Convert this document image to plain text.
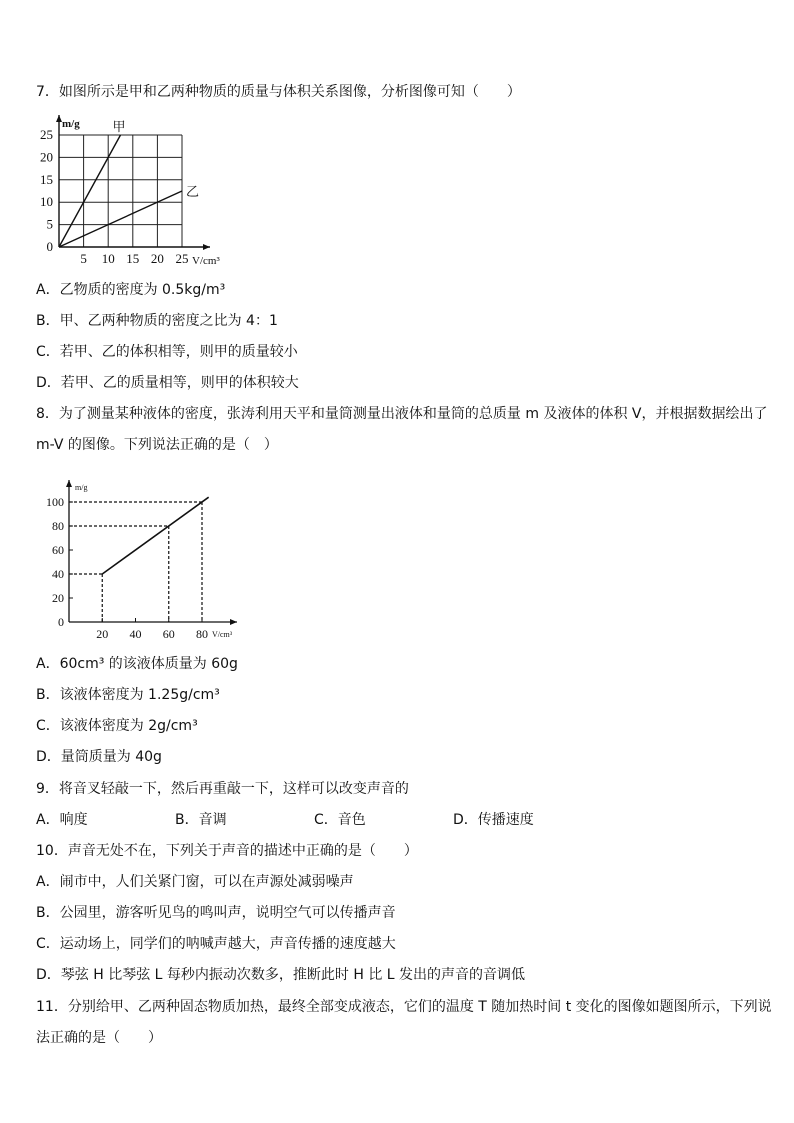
7．如图所示是甲和乙两种物质的质量与体积关系图像，分析图像可知（　　）
0
5
10
15
20
25
5 10 15 20 25
m/g
V/cm³
甲
乙
A．乙物质的密度为 0.5kg/m³
B．甲、乙两种物质的密度之比为 4：1
C．若甲、乙的体积相等，则甲的质量较小
D．若甲、乙的质量相等，则甲的体积较大
8．为了测量某种液体的密度，张涛利用天平和量筒测量出液体和量筒的总质量 m 及液体的体积 V，并根据数据绘出了
m-V 的图像。下列说法正确的是（　）
0
20
40
60
80
100
20 40 60 80
m/g
V/cm³
A．60cm³ 的该液体质量为 60g
B．该液体密度为 1.25g/cm³
C．该液体密度为 2g/cm³
D．量筒质量为 40g
9．将音叉轻敲一下，然后再重敲一下，这样可以改变声音的
A．响度	B．音调	C．音色	D．传播速度
10．声音无处不在，下列关于声音的描述中正确的是（　　）
A．闹市中，人们关紧门窗，可以在声源处减弱噪声
B．公园里，游客听见鸟的鸣叫声，说明空气可以传播声音
C．运动场上，同学们的呐喊声越大，声音传播的速度越大
D．琴弦 H 比琴弦 L 每秒内振动次数多，推断此时 H 比 L 发出的声音的音调低
11．分别给甲、乙两种固态物质加热，最终全部变成液态，它们的温度 T 随加热时间 t 变化的图像如题图所示，下列说
法正确的是（　　）
